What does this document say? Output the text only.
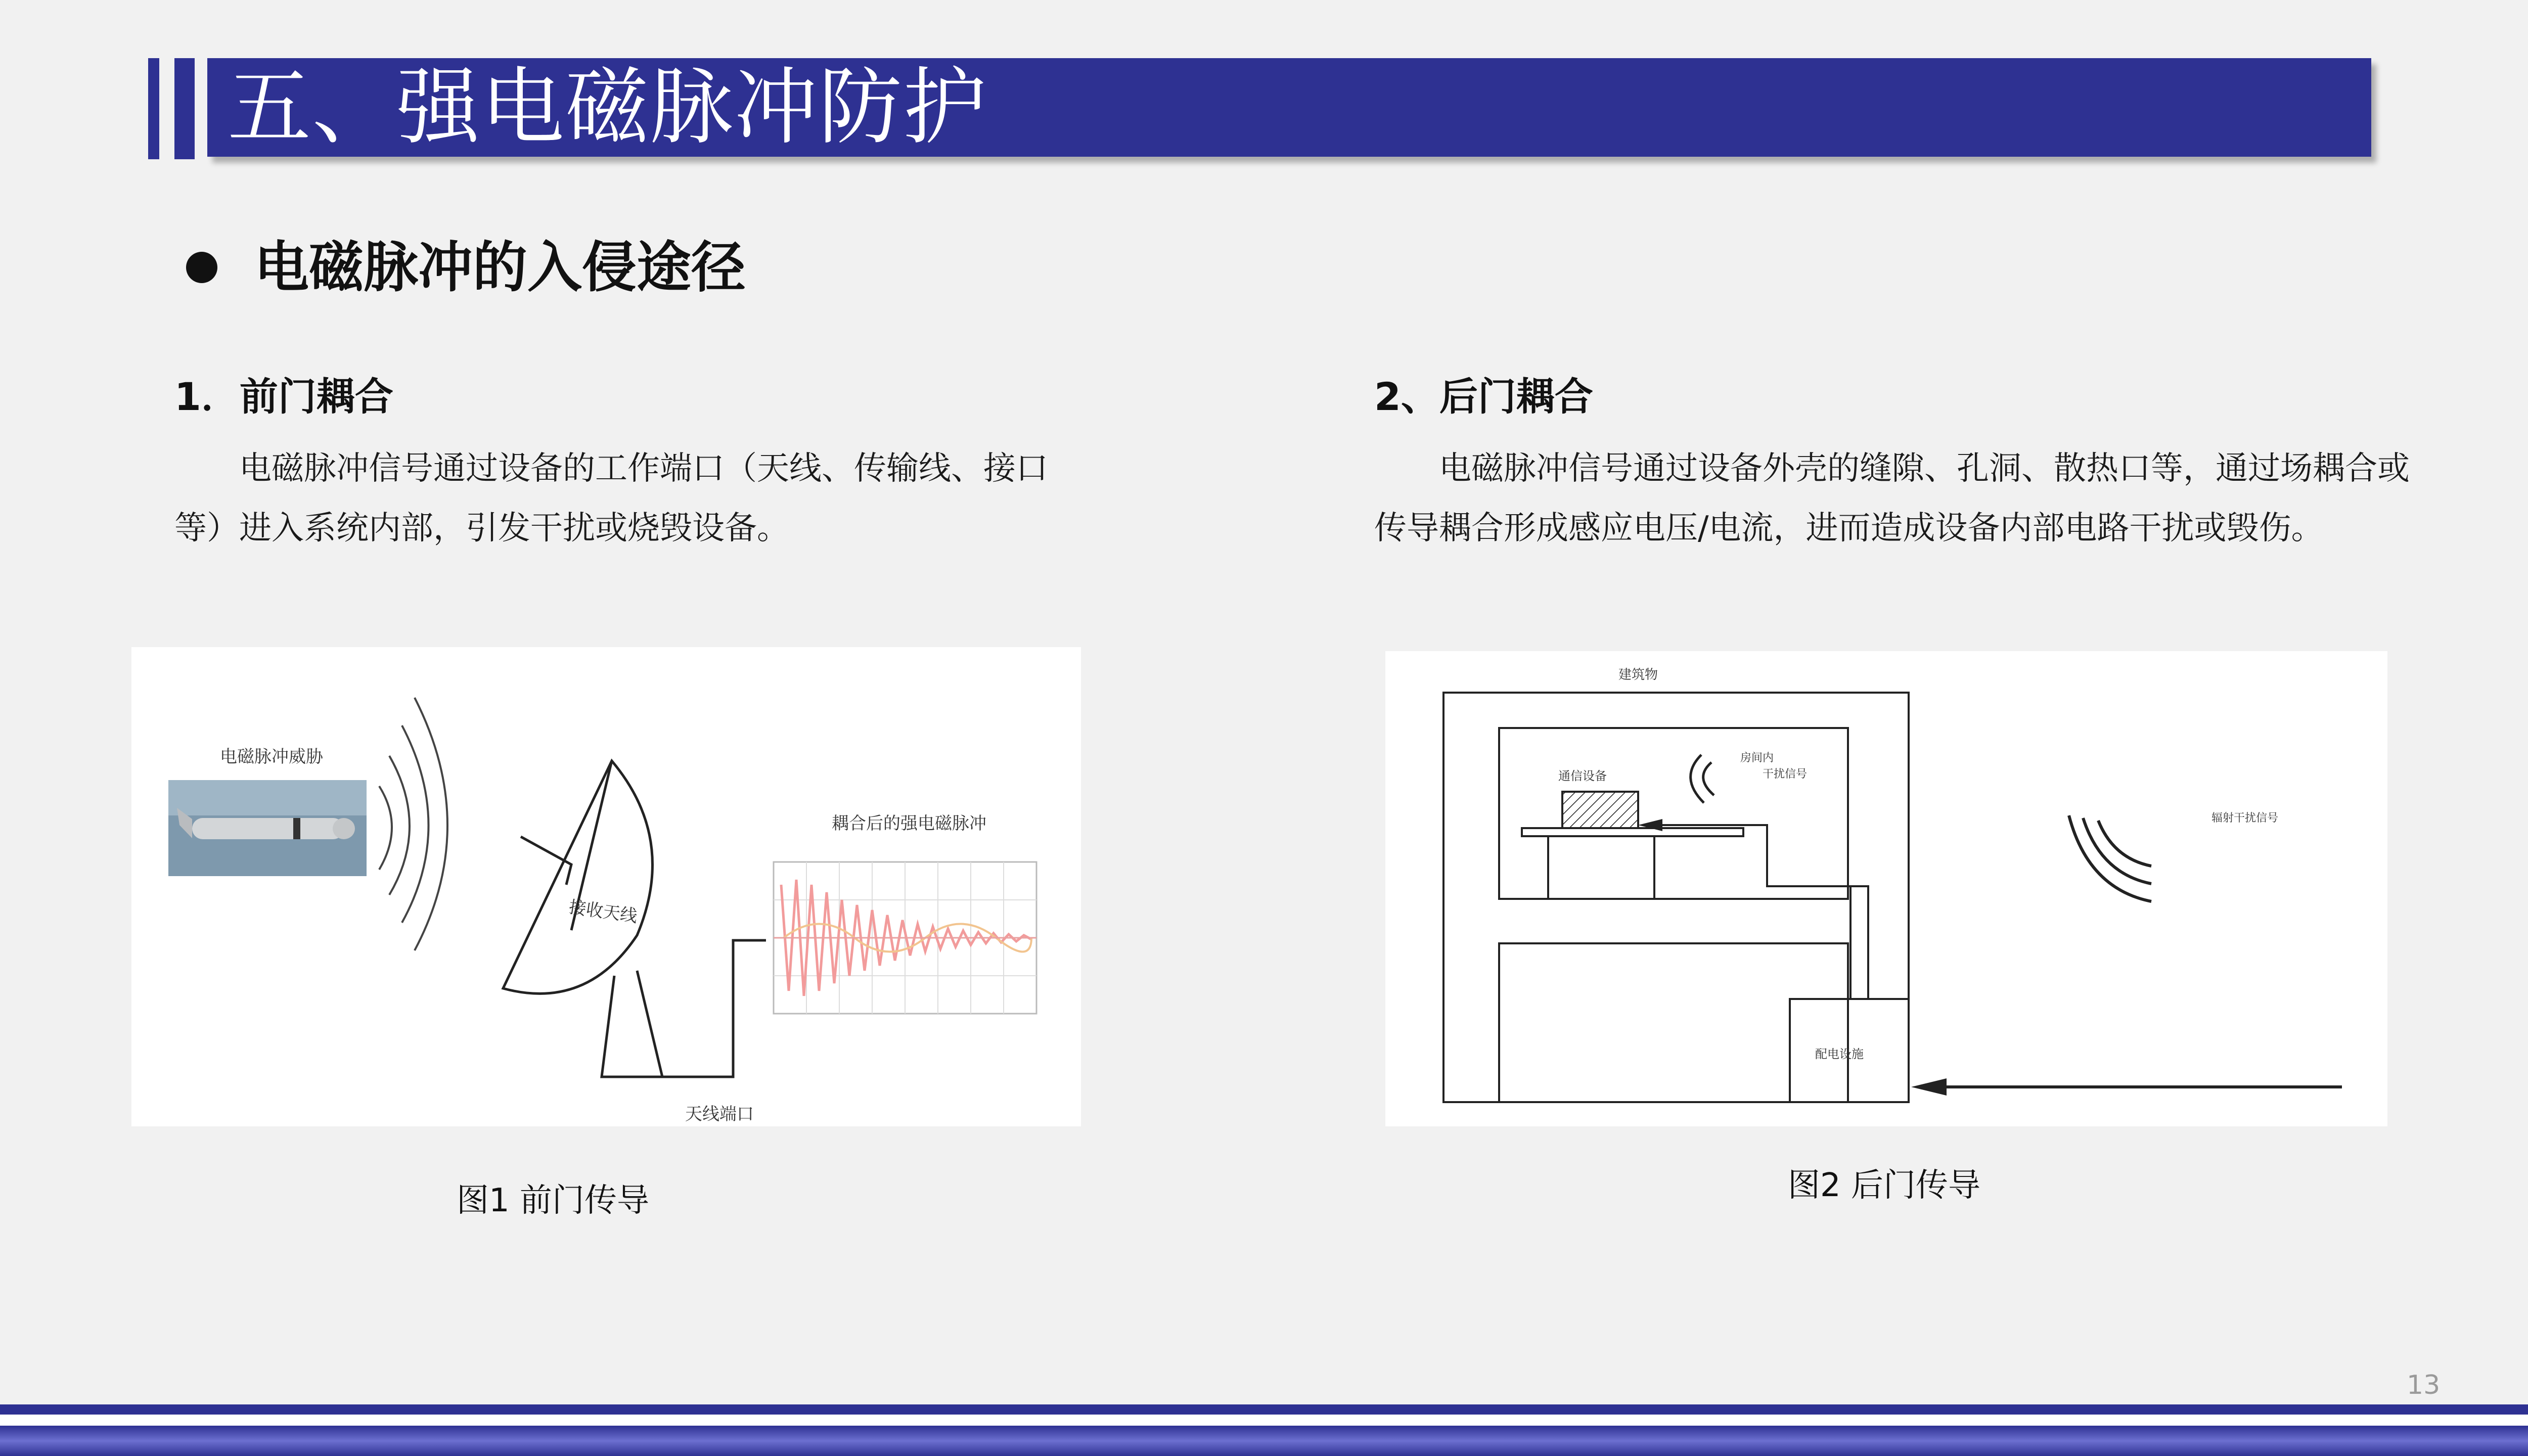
五、强电磁脉冲防护
电磁脉冲的入侵途径
1．前门耦合
电磁脉冲信号通过设备的工作端口（天线、传输线、接口
等）进入系统内部，引发干扰或烧毁设备。
2、后门耦合
电磁脉冲信号通过设备外壳的缝隙、孔洞、散热口等，通过场耦合或
传导耦合形成感应电压/电流，进而造成设备内部电路干扰或毁伤。
电磁脉冲威胁
接收天线
天线端口
耦合后的强电磁脉冲
图1 前门传导
建筑物
通信设备
房间内
干扰信号
配电设施
辐射干扰信号
图2 后门传导
13
